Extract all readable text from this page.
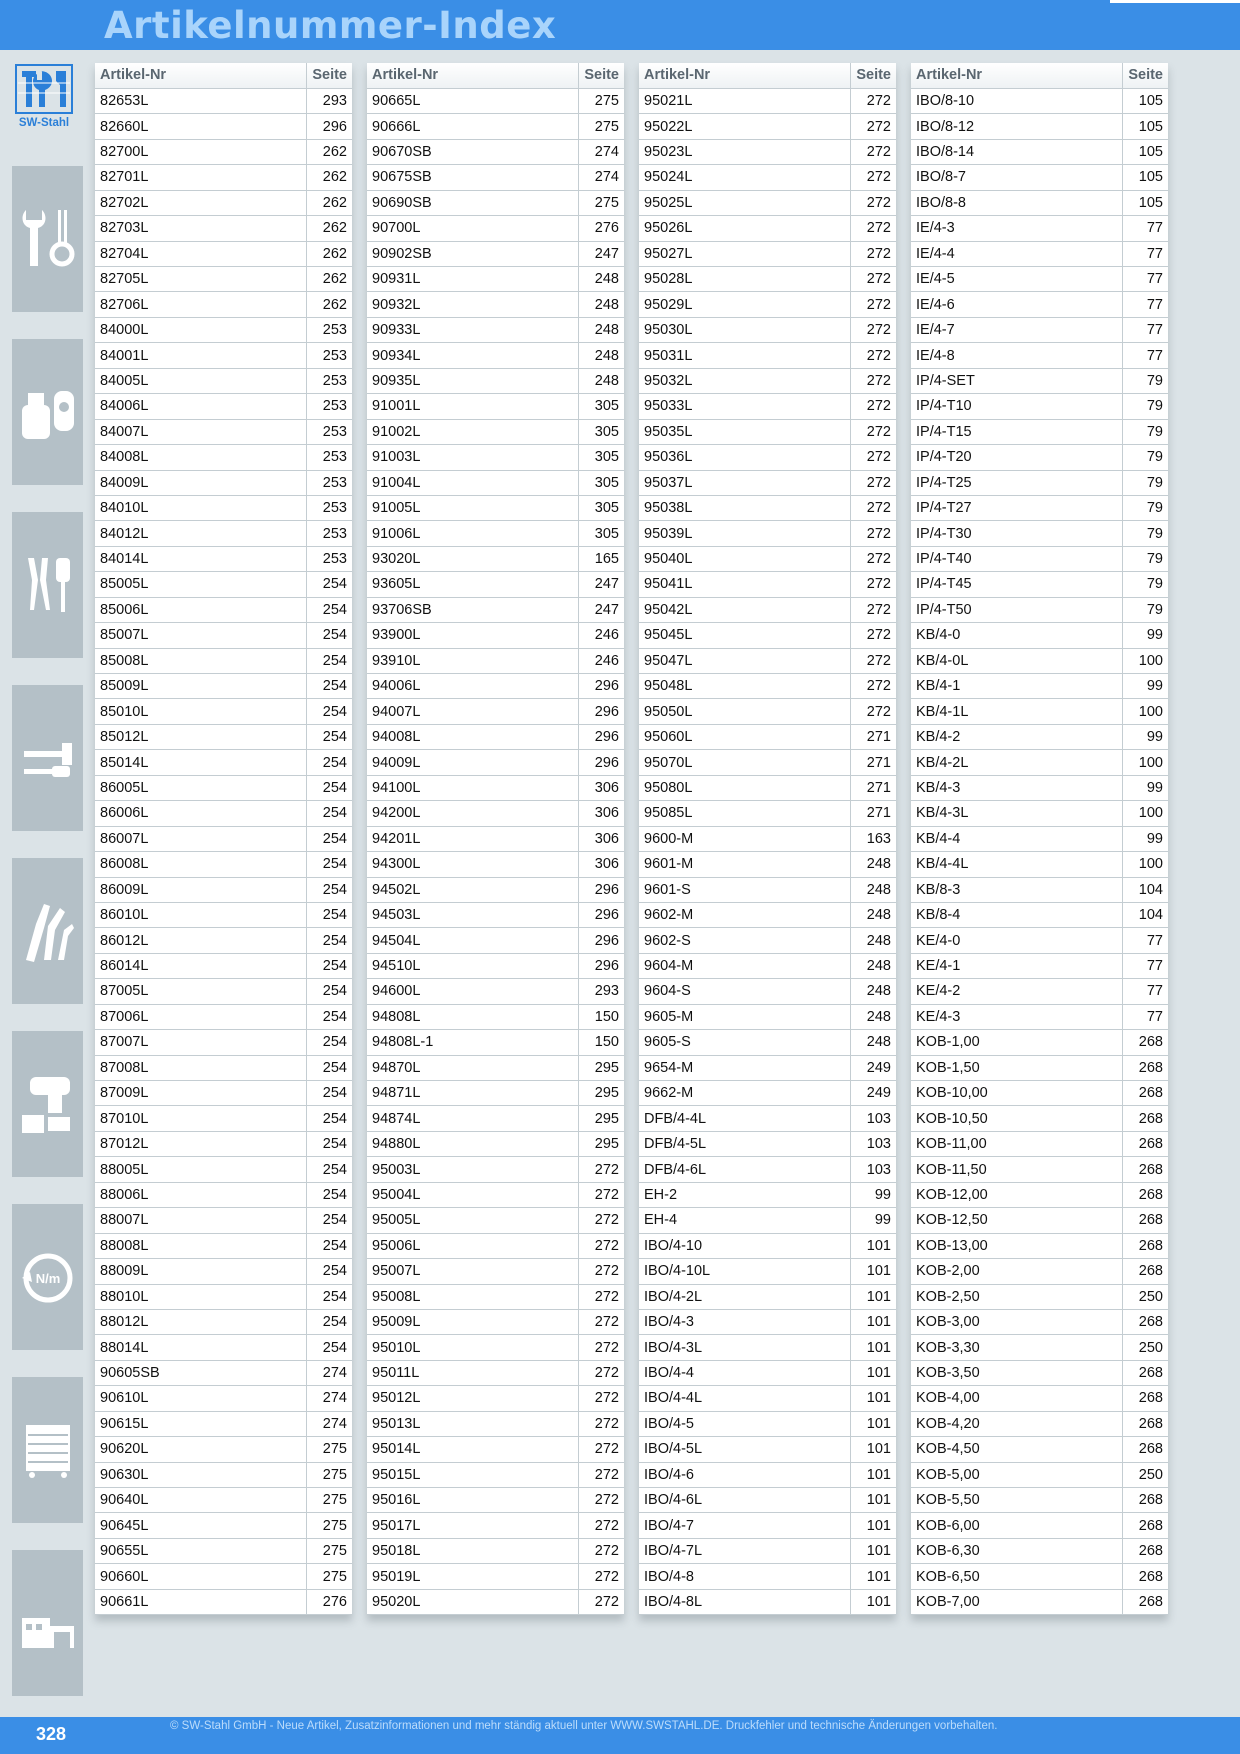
Artikelnummer-Index
SW-Stahl
N/m
Artikel-Nr	Seite
82653L	293
82660L	296
82700L	262
82701L	262
82702L	262
82703L	262
82704L	262
82705L	262
82706L	262
84000L	253
84001L	253
84005L	253
84006L	253
84007L	253
84008L	253
84009L	253
84010L	253
84012L	253
84014L	253
85005L	254
85006L	254
85007L	254
85008L	254
85009L	254
85010L	254
85012L	254
85014L	254
86005L	254
86006L	254
86007L	254
86008L	254
86009L	254
86010L	254
86012L	254
86014L	254
87005L	254
87006L	254
87007L	254
87008L	254
87009L	254
87010L	254
87012L	254
88005L	254
88006L	254
88007L	254
88008L	254
88009L	254
88010L	254
88012L	254
88014L	254
90605SB	274
90610L	274
90615L	274
90620L	275
90630L	275
90640L	275
90645L	275
90655L	275
90660L	275
90661L	276
Artikel-Nr	Seite
90665L	275
90666L	275
90670SB	274
90675SB	274
90690SB	275
90700L	276
90902SB	247
90931L	248
90932L	248
90933L	248
90934L	248
90935L	248
91001L	305
91002L	305
91003L	305
91004L	305
91005L	305
91006L	305
93020L	165
93605L	247
93706SB	247
93900L	246
93910L	246
94006L	296
94007L	296
94008L	296
94009L	296
94100L	306
94200L	306
94201L	306
94300L	306
94502L	296
94503L	296
94504L	296
94510L	296
94600L	293
94808L	150
94808L-1	150
94870L	295
94871L	295
94874L	295
94880L	295
95003L	272
95004L	272
95005L	272
95006L	272
95007L	272
95008L	272
95009L	272
95010L	272
95011L	272
95012L	272
95013L	272
95014L	272
95015L	272
95016L	272
95017L	272
95018L	272
95019L	272
95020L	272
Artikel-Nr	Seite
95021L	272
95022L	272
95023L	272
95024L	272
95025L	272
95026L	272
95027L	272
95028L	272
95029L	272
95030L	272
95031L	272
95032L	272
95033L	272
95035L	272
95036L	272
95037L	272
95038L	272
95039L	272
95040L	272
95041L	272
95042L	272
95045L	272
95047L	272
95048L	272
95050L	272
95060L	271
95070L	271
95080L	271
95085L	271
9600-M	163
9601-M	248
9601-S	248
9602-M	248
9602-S	248
9604-M	248
9604-S	248
9605-M	248
9605-S	248
9654-M	249
9662-M	249
DFB/4-4L	103
DFB/4-5L	103
DFB/4-6L	103
EH-2	99
EH-4	99
IBO/4-10	101
IBO/4-10L	101
IBO/4-2L	101
IBO/4-3	101
IBO/4-3L	101
IBO/4-4	101
IBO/4-4L	101
IBO/4-5	101
IBO/4-5L	101
IBO/4-6	101
IBO/4-6L	101
IBO/4-7	101
IBO/4-7L	101
IBO/4-8	101
IBO/4-8L	101
Artikel-Nr	Seite
IBO/8-10	105
IBO/8-12	105
IBO/8-14	105
IBO/8-7	105
IBO/8-8	105
IE/4-3	77
IE/4-4	77
IE/4-5	77
IE/4-6	77
IE/4-7	77
IE/4-8	77
IP/4-SET	79
IP/4-T10	79
IP/4-T15	79
IP/4-T20	79
IP/4-T25	79
IP/4-T27	79
IP/4-T30	79
IP/4-T40	79
IP/4-T45	79
IP/4-T50	79
KB/4-0	99
KB/4-0L	100
KB/4-1	99
KB/4-1L	100
KB/4-2	99
KB/4-2L	100
KB/4-3	99
KB/4-3L	100
KB/4-4	99
KB/4-4L	100
KB/8-3	104
KB/8-4	104
KE/4-0	77
KE/4-1	77
KE/4-2	77
KE/4-3	77
KOB-1,00	268
KOB-1,50	268
KOB-10,00	268
KOB-10,50	268
KOB-11,00	268
KOB-11,50	268
KOB-12,00	268
KOB-12,50	268
KOB-13,00	268
KOB-2,00	268
KOB-2,50	250
KOB-3,00	268
KOB-3,30	250
KOB-3,50	268
KOB-4,00	268
KOB-4,20	268
KOB-4,50	268
KOB-5,00	250
KOB-5,50	268
KOB-6,00	268
KOB-6,30	268
KOB-6,50	268
KOB-7,00	268
328	© SW-Stahl GmbH - Neue Artikel, Zusatzinformationen und mehr ständig aktuell unter WWW.SWSTAHL.DE. Druckfehler und technische Änderungen vorbehalten.
